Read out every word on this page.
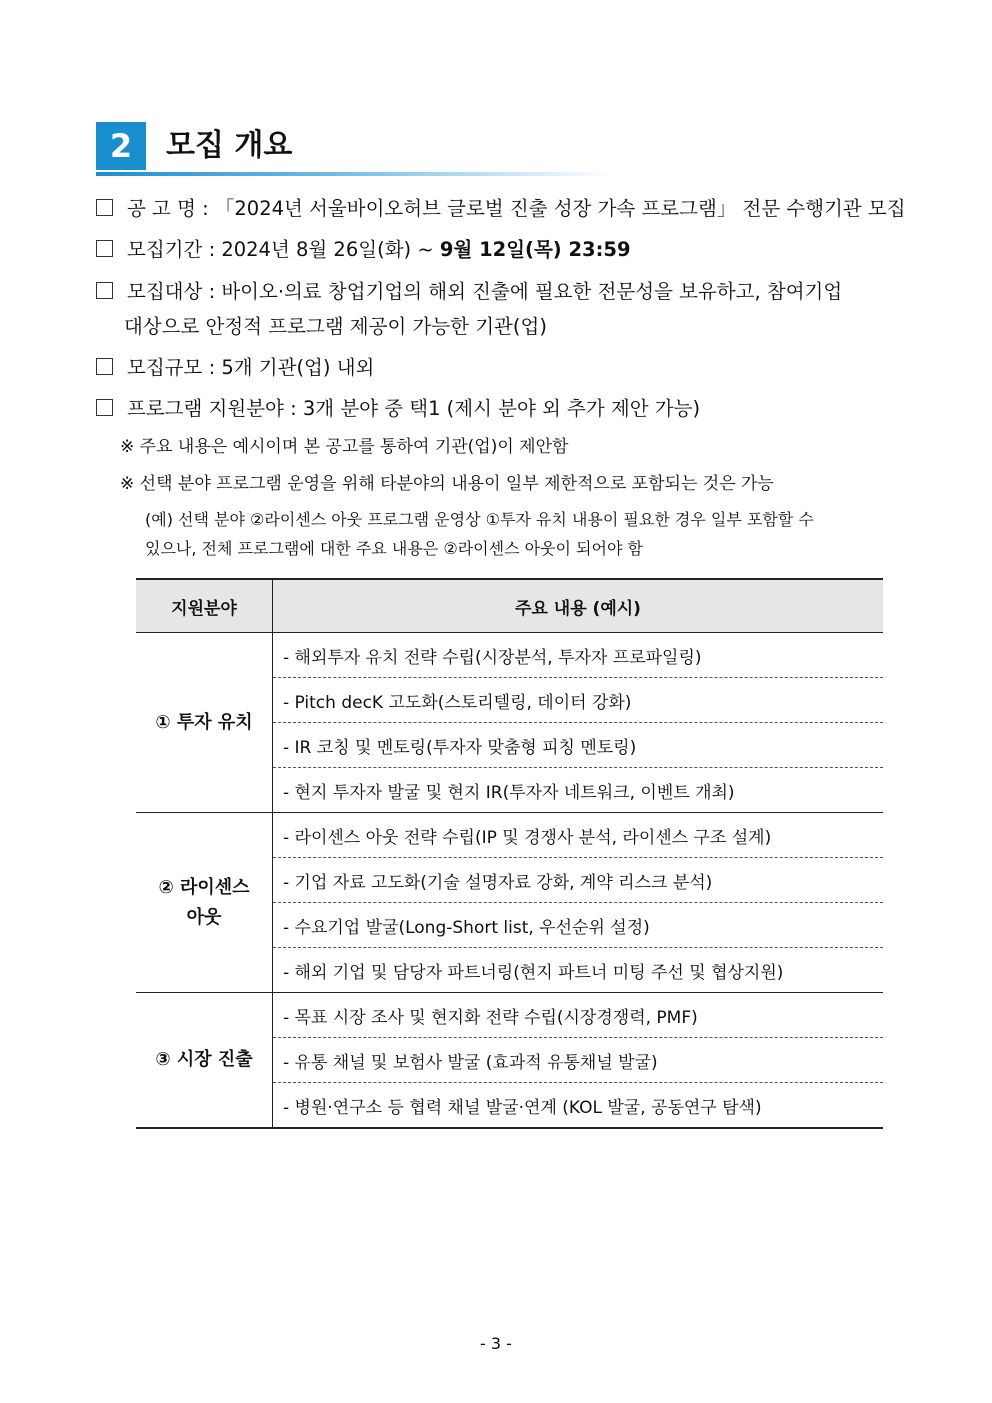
2	모집 개요
공 고 명 : 「2024년 서울바이오허브 글로벌 진출 성장 가속 프로그램」 전문 수행기관 모집
모집기간 : 2024년 8월 26일(화) ~ 9월 12일(목) 23:59
모집대상 : 바이오·의료 창업기업의 해외 진출에 필요한 전문성을 보유하고, 참여기업
대상으로 안정적 프로그램 제공이 가능한 기관(업)
모집규모 : 5개 기관(업) 내외
프로그램 지원분야 : 3개 분야 중 택1 (제시 분야 외 추가 제안 가능)
※ 주요 내용은 예시이며 본 공고를 통하여 기관(업)이 제안함
※ 선택 분야 프로그램 운영을 위해 타분야의 내용이 일부 제한적으로 포함되는 것은 가능
(예) 선택 분야 ②라이센스 아웃 프로그램 운영상 ①투자 유치 내용이 필요한 경우 일부 포함할 수
있으나, 전체 프로그램에 대한 주요 내용은 ②라이센스 아웃이 되어야 함
지원분야	주요 내용 (예시)

① 투자 유치	- 해외투자 유치 전략 수립(시장분석, 투자자 프로파일링)
	- Pitch decK 고도화(스토리텔링, 데이터 강화)
	- IR 코칭 및 멘토링(투자자 맞춤형 피칭 멘토링)
	- 현지 투자자 발굴 및 현지 IR(투자자 네트워크, 이벤트 개최)

② 라이센스
아웃	- 라이센스 아웃 전략 수립(IP 및 경쟁사 분석, 라이센스 구조 설계)
	- 기업 자료 고도화(기술 설명자료 강화, 계약 리스크 분석)
	- 수요기업 발굴(Long-Short list, 우선순위 설정)
	- 해외 기업 및 담당자 파트너링(현지 파트너 미팅 주선 및 협상지원)

③ 시장 진출	- 목표 시장 조사 및 현지화 전략 수립(시장경쟁력, PMF)
	- 유통 채널 및 보험사 발굴 (효과적 유통채널 발굴)
	- 병원·연구소 등 협력 채널 발굴·연계 (KOL 발굴, 공동연구 탐색)
- 3 -
